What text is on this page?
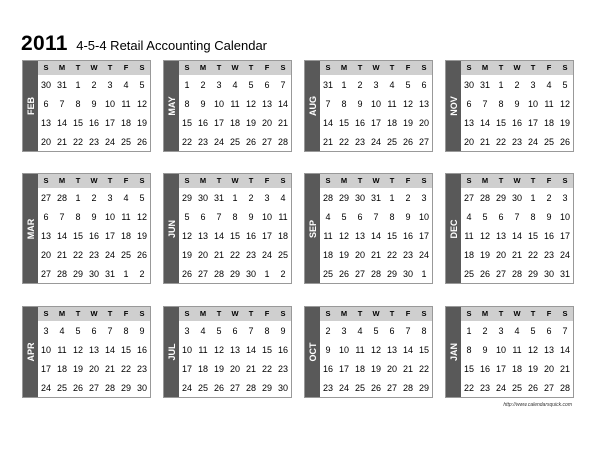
2011 4-5-4 Retail Accounting Calendar
FEB
S	M	T	W	T	F	S
30 31 1	2	3	4	5
6	7	8	9 10 11 12
13 14 15 16 17 18 19
20 21 22 23 24 25 26
MAY
S	M	T	W	T	F	S
1	2	3	4	5	6	7
8	9 10 11 12 13 14
15 16 17 18 19 20 21
22 23 24 25 26 27 28
AUG
S	M	T	W	T	F	S
31 1	2	3	4	5	6
7	8	9 10 11 12 13
14 15 16 17 18 19 20
21 22 23 24 25 26 27
NOV
S	M	T	W	T	F	S
30 31 1	2	3	4	5
6	7	8	9 10 11 12
13 14 15 16 17 18 19
20 21 22 23 24 25 26
MAR
S	M	T	W	T	F	S
27 28 1	2	3	4	5
6	7	8	9 10 11 12
13 14 15 16 17 18 19
20 21 22 23 24 25 26
27 28 29 30 31 1	2
JUN
S	M	T	W	T	F	S
29 30 31 1	2	3	4
5	6	7	8	9 10 11
12 13 14 15 16 17 18
19 20 21 22 23 24 25
26 27 28 29 30 1	2
SEP
S	M	T	W	T	F	S
28 29 30 31 1	2	3
4	5	6	7	8	9 10
11 12 13 14 15 16 17
18 19 20 21 22 23 24
25 26 27 28 29 30 1
DEC
S	M	T	W	T	F	S
27 28 29 30 1	2	3
4	5	6	7	8	9 10
11 12 13 14 15 16 17
18 19 20 21 22 23 24
25 26 27 28 29 30 31
APR
S	M	T	W	T	F	S
3	4	5	6	7	8	9
10 11 12 13 14 15 16
17 18 19 20 21 22 23
24 25 26 27 28 29 30
JUL
S	M	T	W	T	F	S
3	4	5	6	7	8	9
10 11 12 13 14 15 16
17 18 19 20 21 22 23
24 25 26 27 28 29 30
OCT
S	M	T	W	T	F	S
2	3	4	5	6	7	8
9 10 11 12 13 14 15
16 17 18 19 20 21 22
23 24 25 26 27 28 29
JAN
S	M	T	W	T	F	S
1	2	3	4	5	6	7
8	9 10 11 12 13 14
15 16 17 18 19 20 21
22 23 24 25 26 27 28
http://www.calendarsquick.com
